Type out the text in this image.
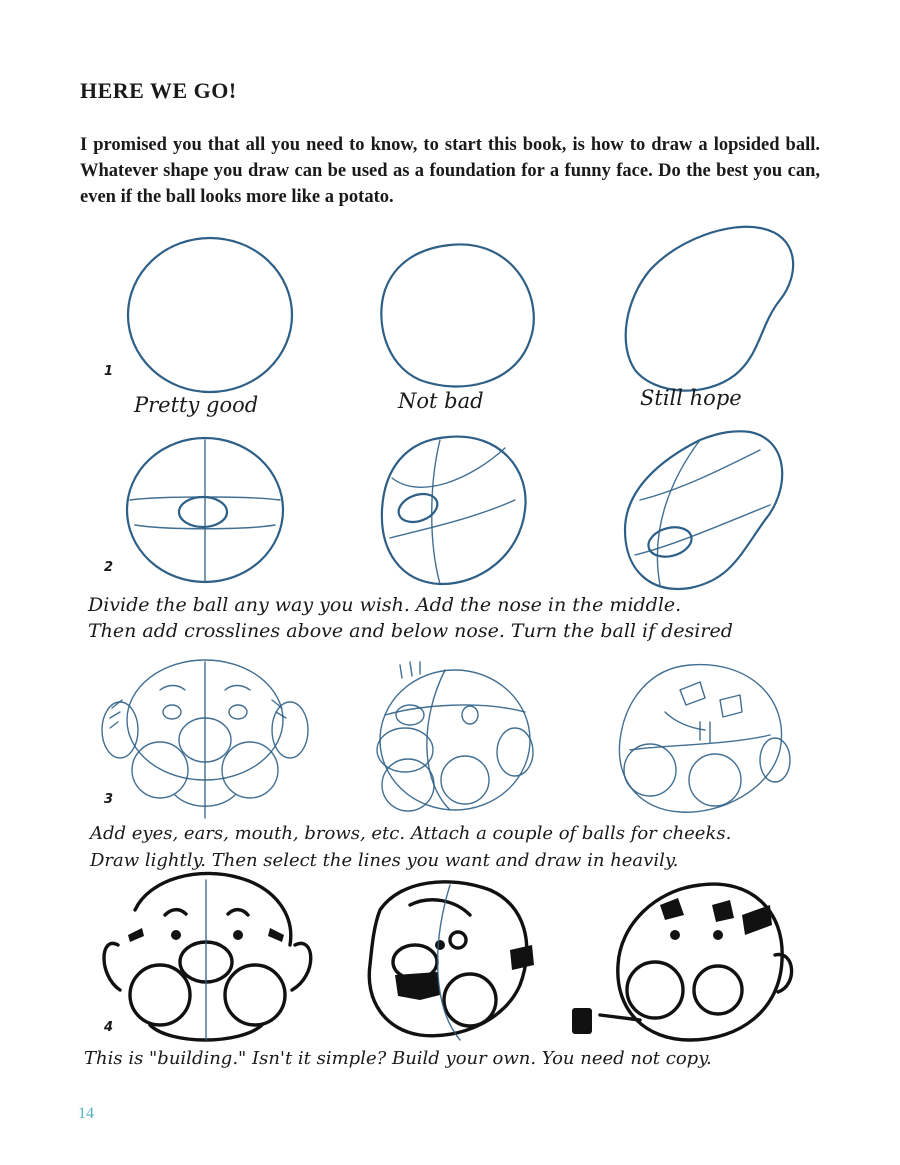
HERE WE GO!

I promised you that all you need to know, to start this book, is how to draw a lopsided ball. Whatever shape you draw can be used as a foundation for a funny face. Do the best you can, even if the ball looks more like a potato.

1
Pretty good	Not bad	Still hope
2
Divide the ball any way you wish. Add the nose in the middle.
Then add crosslines above and below nose. Turn the ball if desired
3
Add eyes, ears, mouth, brows, etc. Attach a couple of balls for cheeks.
Draw lightly. Then select the lines you want and draw in heavily.
4
This is "building." Isn't it simple? Build your own. You need not copy.
14
